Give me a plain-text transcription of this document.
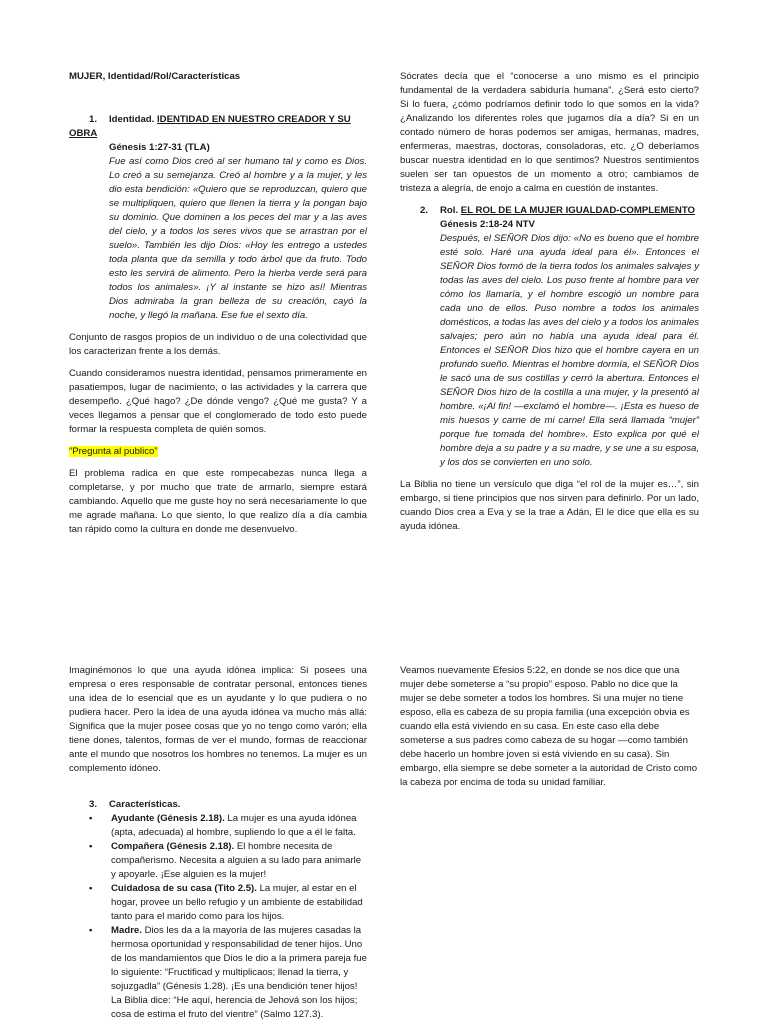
MUJER, Identidad/Rol/Características

1. Identidad. IDENTIDAD EN NUESTRO CREADOR Y SU OBRA
Génesis 1:27-31 (TLA)

Fue así como Dios creó al ser humano tal y como es Dios. Lo creó a su semejanza. Creó al hombre y a la mujer, y les dio esta bendición: «Quiero que se reproduzcan, quiero que se multipliquen, quiero que llenen la tierra y la pongan bajo su dominio. Que dominen a los peces del mar y a las aves del cielo, y a todos los seres vivos que se arrastran por el suelo». También les dijo Dios: «Hoy les entrego a ustedes toda planta que da semilla y todo árbol que da fruto. Todo esto les servirá de alimento. Pero la hierba verde será para todos los animales». ¡Y al instante se hizo así! Mientras Dios admiraba la gran belleza de su creación, cayó la noche, y llegó la mañana. Ese fue el sexto día.

Conjunto de rasgos propios de un individuo o de una colectividad que los caracterizan frente a los demás.

Cuando consideramos nuestra identidad, pensamos primeramente en pasatiempos, lugar de nacimiento, o las actividades y la carrera que desempeño. ¿Qué hago? ¿De dónde vengo? ¿Qué me gusta? Y a veces llegamos a pensar que el conglomerado de todo esto puede formar la respuesta completa de quién somos.

“Pregunta al publico”

El problema radica en que este rompecabezas nunca llega a completarse, y por mucho que trate de armarlo, siempre estará cambiando. Aquello que me guste hoy no será necesariamente lo que me agrade mañana. Lo que siento, lo que realizo día a día cambia tan rápido como la cultura en donde me desenvuelvo.

Sócrates decía que el “conocerse a uno mismo es el principio fundamental de la verdadera sabiduría humana”. ¿Será esto cierto? Si lo fuera, ¿cómo podríamos definir todo lo que somos en la vida? ¿Analizando los diferentes roles que jugamos día a día? Si en un contado número de horas podemos ser amigas, hermanas, madres, enfermeras, maestras, doctoras, consoladoras, etc. ¿O deberíamos buscar nuestra identidad en lo que sentimos? Nuestros sentimientos suelen ser tan opuestos de un momento a otro; cambiamos de tristeza a alegría, de enojo a calma en cuestión de instantes.

2. Rol. EL ROL DE LA MUJER IGUALDAD-COMPLEMENTO
Génesis 2:18-24 NTV

Después, el SEÑOR Dios dijo: «No es bueno que el hombre esté solo. Haré una ayuda ideal para él». Entonces el SEÑOR Dios formó de la tierra todos los animales salvajes y todas las aves del cielo. Los puso frente al hombre para ver cómo los llamaría, y el hombre escogió un nombre para cada uno de ellos. Puso nombre a todos los animales domésticos, a todas las aves del cielo y a todos los animales salvajes; pero aún no había una ayuda ideal para él. Entonces el SEÑOR Dios hizo que el hombre cayera en un profundo sueño. Mientras el hombre dormía, el SEÑOR Dios le sacó una de sus costillas y cerró la abertura. Entonces el SEÑOR Dios hizo de la costilla a una mujer, y la presentó al hombre. «¡Al fin! —exclamó el hombre—. ¡Esta es hueso de mis huesos y carne de mi carne! Ella será llamada “mujer” porque fue tomada del hombre». Esto explica por qué el hombre deja a su padre y a su madre, y se une a su esposa, y los dos se convierten en uno solo.

La Biblia no tiene un versículo que diga “el rol de la mujer es…”, sin embargo, si tiene principios que nos sirven para definirlo. Por un lado, cuando Dios crea a Eva y se la trae a Adán, El le dice que ella es su ayuda idónea.

Imaginémonos lo que una ayuda idónea implica: Si posees una empresa o eres responsable de contratar personal, entonces tienes una idea de lo esencial que es un ayudante y lo que pudiera o no pudiera hacer. Pero la idea de una ayuda idónea va mucho más allá: Significa que la mujer posee cosas que yo no tengo como varón; ella tiene dones, talentos, formas de ver el mundo, formas de reaccionar ante el mundo que nosotros los hombres no tenemos. La mujer es un complemento idóneo.

3. Características.
• Ayudante (Génesis 2.18). La mujer es una ayuda idónea (apta, adecuada) al hombre, supliendo lo que a él le falta.
• Compañera (Génesis 2.18). El hombre necesita de compañerismo. Necesita a alguien a su lado para animarle y apoyarle. ¡Ese alguien es la mujer!
• Cuidadosa de su casa (Tito 2.5). La mujer, al estar en el hogar, provee un bello refugio y un ambiente de estabilidad tanto para el marido como para los hijos.
• Madre. Dios les da a la mayoría de las mujeres casadas la hermosa oportunidad y responsabilidad de tener hijos. Uno de los mandamientos que Dios le dio a la primera pareja fue lo siguiente: “Fructificad y multiplicaos; llenad la tierra, y sojuzgadla” (Génesis 1.28). ¡Es una bendición tener hijos! La Biblia dice: “He aquí, herencia de Jehová son los hijos; cosa de estima el fruto del vientre” (Salmo 127.3).

Veamos nuevamente Efesios 5:22, en donde se nos dice que una mujer debe someterse a “su propio” esposo. Pablo no dice que la mujer se debe someter a todos los hombres. Si una mujer no tiene esposo, ella es cabeza de su propia familia (una excepción obvia es cuando ella está viviendo en su casa. En este caso ella debe someterse a sus padres como cabeza de su hogar —como también debe hacerlo un hombre joven si está viviendo en su casa). Sin embargo, ella siempre se debe someter a la autoridad de Cristo como la cabeza por encima de toda su unidad familiar.
